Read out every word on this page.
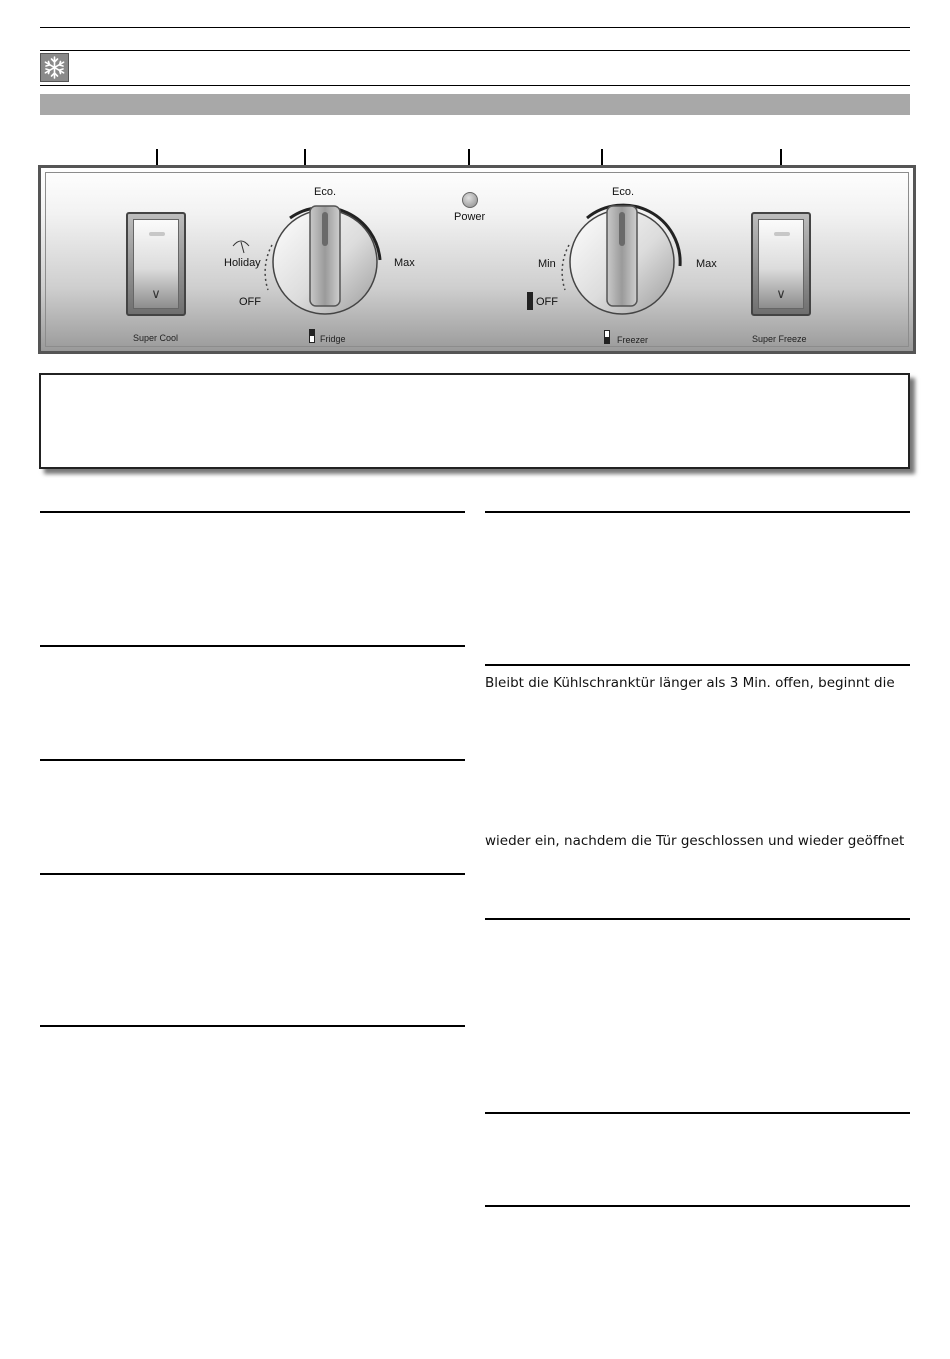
∨
Super Cool
Eco.
Max
Holiday
OFF
Fridge
Power
Eco.
Max
Min
OFF
Freezer
∨
Super Freeze
Bleibt die Kühlschranktür länger als 3 Min. offen, beginnt die
wieder ein, nachdem die Tür geschlossen und wieder geöffnet
